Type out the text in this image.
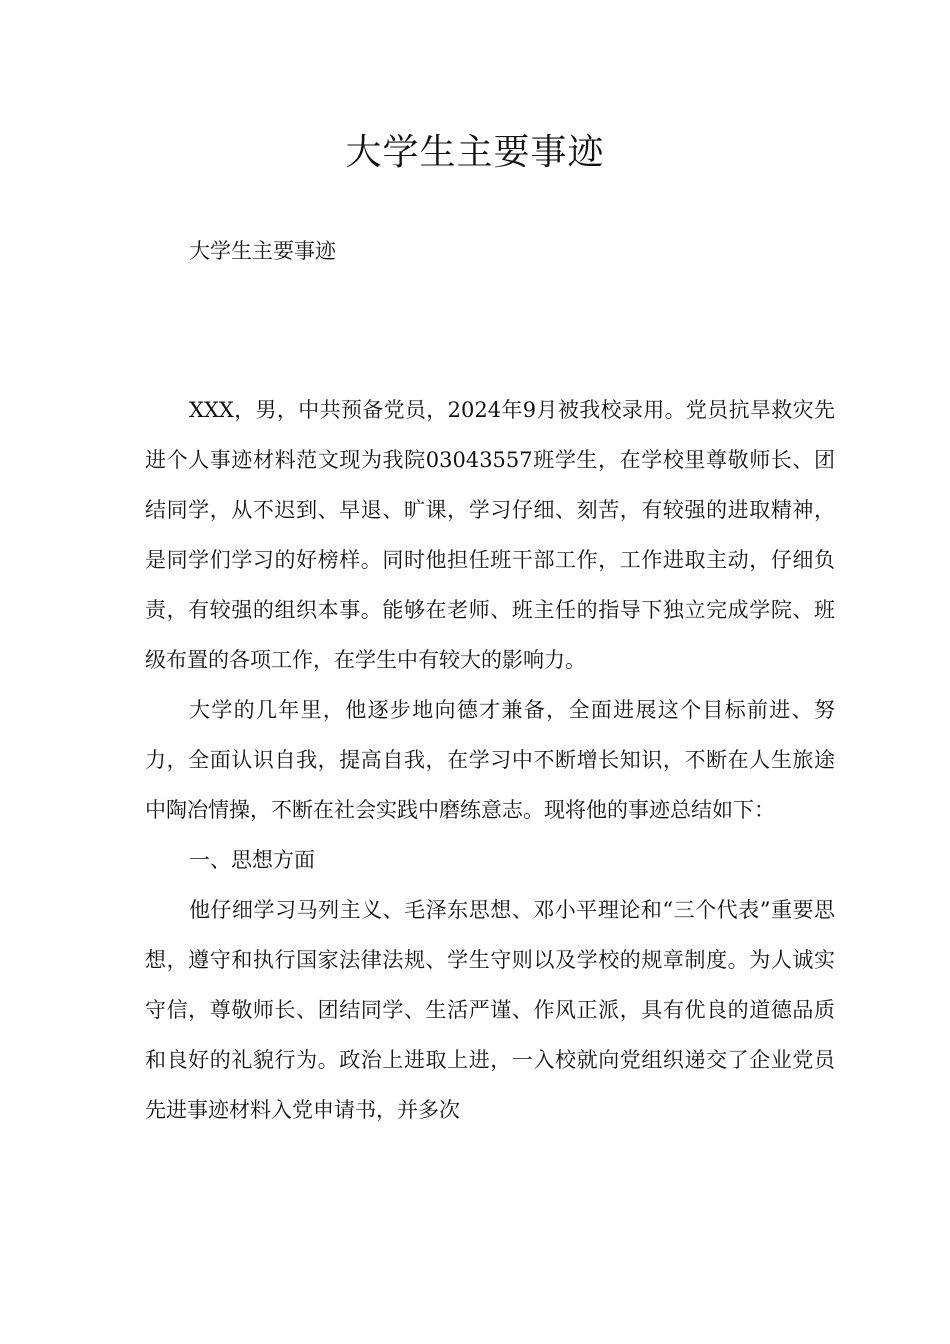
大学生主要事迹

大学生主要事迹

XXX，男，中共预备党员，2024年9月被我校录用。党员抗旱救灾先进个人事迹材料范文现为我院03043557班学生，在学校里尊敬师长、团结同学，从不迟到、早退、旷课，学习仔细、刻苦，有较强的进取精神，是同学们学习的好榜样。同时他担任班干部工作，工作进取主动，仔细负责，有较强的组织本事。能够在老师、班主任的指导下独立完成学院、班级布置的各项工作，在学生中有较大的影响力。

大学的几年里，他逐步地向德才兼备，全面进展这个目标前进、努力，全面认识自我，提高自我，在学习中不断增长知识，不断在人生旅途中陶冶情操，不断在社会实践中磨练意志。现将他的事迹总结如下：

一、思想方面

他仔细学习马列主义、毛泽东思想、邓小平理论和“三个代表”重要思想，遵守和执行国家法律法规、学生守则以及学校的规章制度。为人诚实守信，尊敬师长、团结同学、生活严谨、作风正派，具有优良的道德品质和良好的礼貌行为。政治上进取上进，一入校就向党组织递交了企业党员先进事迹材料入党申请书，并多次
